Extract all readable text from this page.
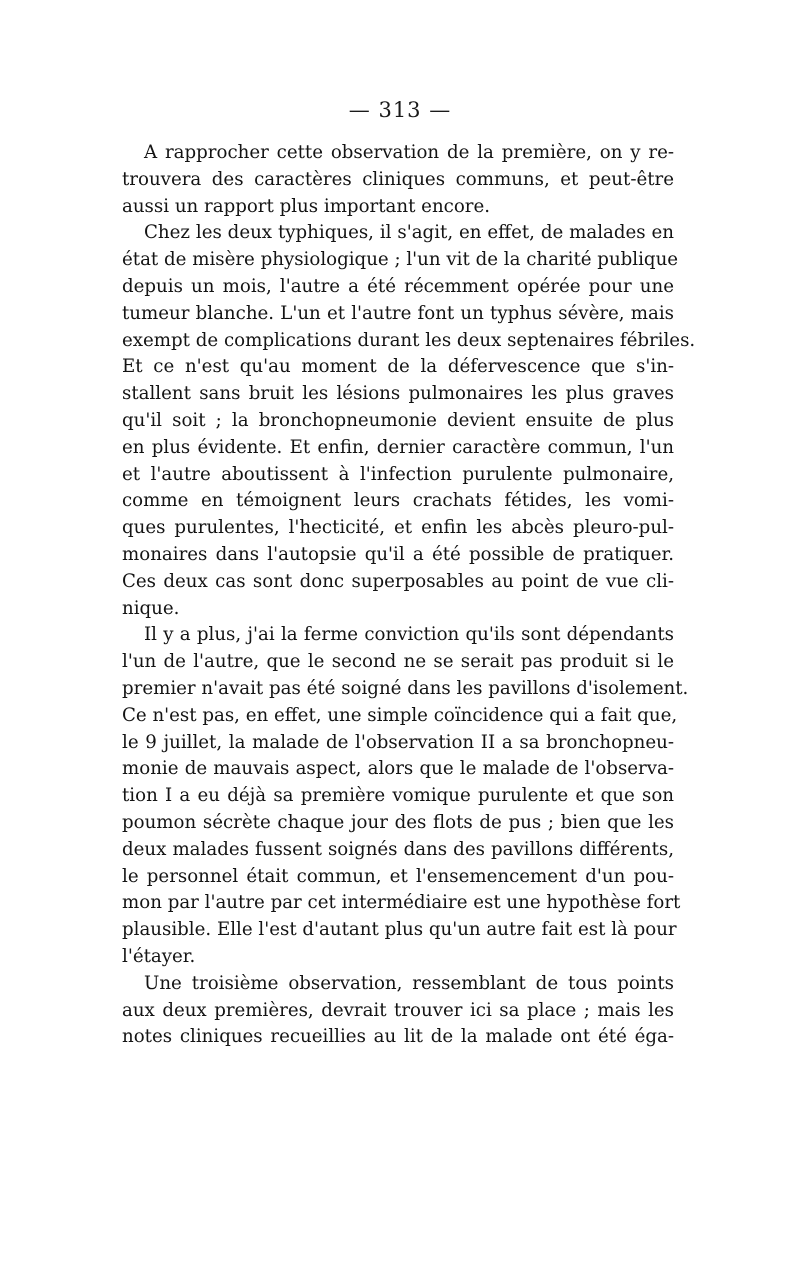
— 313 —
A rapprocher cette observation de la première, on y re-
trouvera des caractères cliniques communs, et peut-être
aussi un rapport plus important encore.
Chez les deux typhiques, il s'agit, en effet, de malades en
état de misère physiologique ; l'un vit de la charité publique
depuis un mois, l'autre a été récemment opérée pour une
tumeur blanche. L'un et l'autre font un typhus sévère, mais
exempt de complications durant les deux septenaires fébriles.
Et ce n'est qu'au moment de la défervescence que s'in-
stallent sans bruit les lésions pulmonaires les plus graves
qu'il soit ; la bronchopneumonie devient ensuite de plus
en plus évidente. Et enfin, dernier caractère commun, l'un
et l'autre aboutissent à l'infection purulente pulmonaire,
comme en témoignent leurs crachats fétides, les vomi-
ques purulentes, l'hecticité, et enfin les abcès pleuro-pul-
monaires dans l'autopsie qu'il a été possible de pratiquer.
Ces deux cas sont donc superposables au point de vue cli-
nique.
Il y a plus, j'ai la ferme conviction qu'ils sont dépendants
l'un de l'autre, que le second ne se serait pas produit si le
premier n'avait pas été soigné dans les pavillons d'isolement.
Ce n'est pas, en effet, une simple coïncidence qui a fait que,
le 9 juillet, la malade de l'observation II a sa bronchopneu-
monie de mauvais aspect, alors que le malade de l'observa-
tion I a eu déjà sa première vomique purulente et que son
poumon sécrète chaque jour des flots de pus ; bien que les
deux malades fussent soignés dans des pavillons différents,
le personnel était commun, et l'ensemencement d'un pou-
mon par l'autre par cet intermédiaire est une hypothèse fort
plausible. Elle l'est d'autant plus qu'un autre fait est là pour
l'étayer.
Une troisième observation, ressemblant de tous points
aux deux premières, devrait trouver ici sa place ; mais les
notes cliniques recueillies au lit de la malade ont été éga-
